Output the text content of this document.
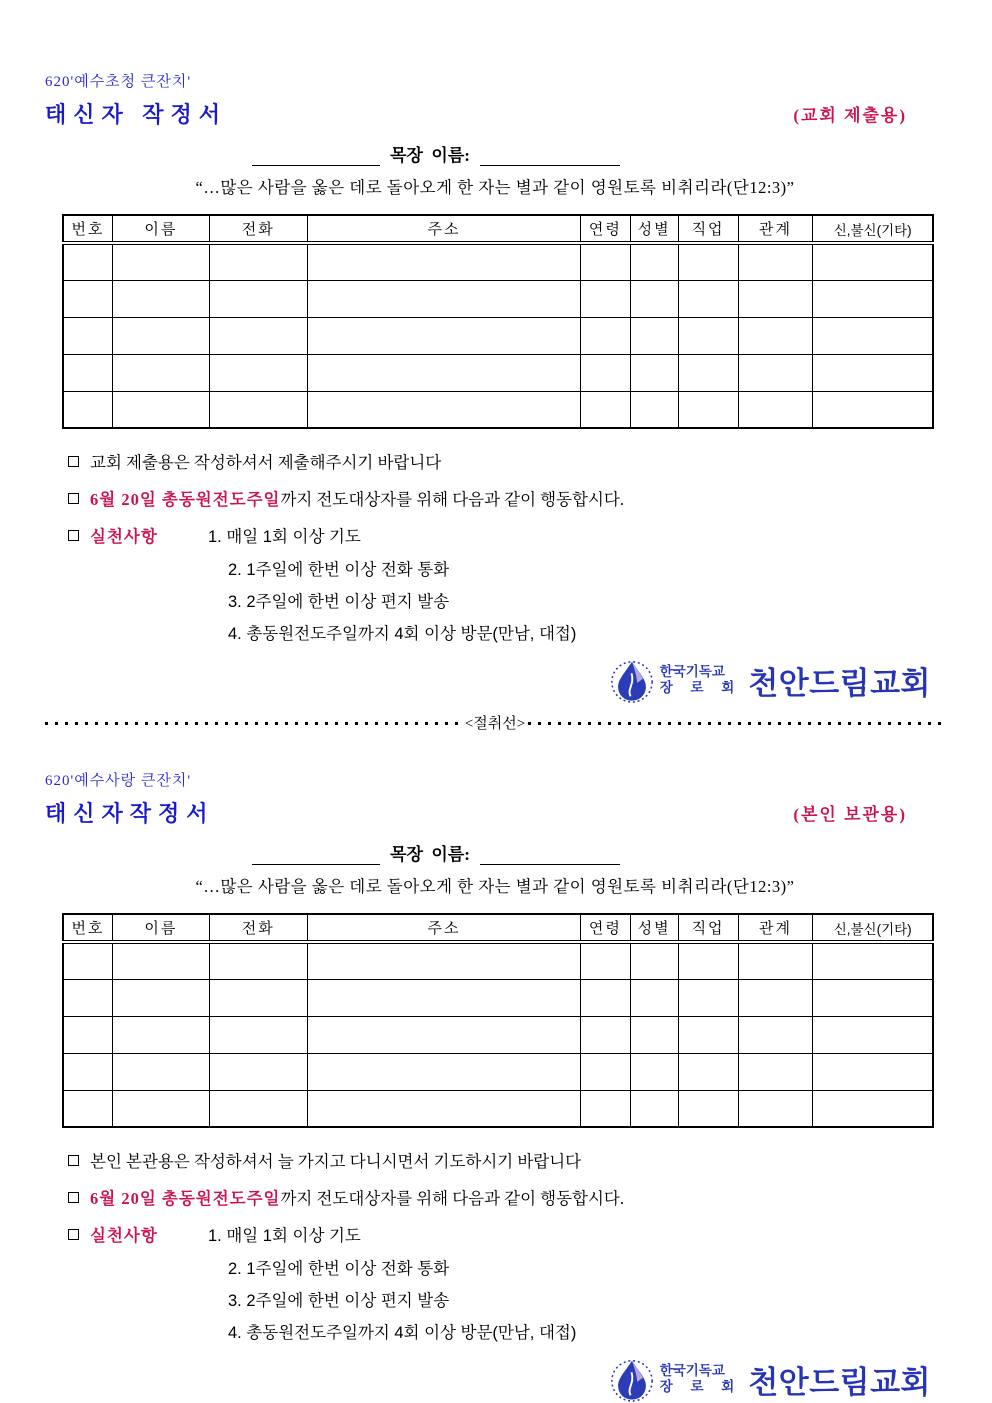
620'예수초청 큰잔치'
태신자 작정서	(교회 제출용)
목장 이름:
“…많은 사람을 옳은 데로 돌아오게 한 자는 별과 같이 영원토록 비취리라(단12:3)”
번호	이름	전화	주소	연령	성별	직업	관계	신,불신(기타)

교회 제출용은 작성하셔서 제출해주시기 바랍니다
6월 20일 총동원전도주일까지 전도대상자를 위해 다음과 같이 행동합시다.
실천사항	1. 매일 1회 이상 기도
2. 1주일에 한번 이상 전화 통화
3. 2주일에 한번 이상 편지 발송
4. 총동원전도주일까지 4회 이상 방문(만남, 대접)
한국기독교
장 로 회 천안드림교회
<절취선>
620'예수사랑 큰잔치'
태신자작정서	(본인 보관용)
목장 이름:
“…많은 사람을 옳은 데로 돌아오게 한 자는 별과 같이 영원토록 비취리라(단12:3)”
번호	이름	전화	주소	연령	성별	직업	관계	신,불신(기타)

본인 본관용은 작성하셔서 늘 가지고 다니시면서 기도하시기 바랍니다
6월 20일 총동원전도주일까지 전도대상자를 위해 다음과 같이 행동합시다.
실천사항	1. 매일 1회 이상 기도
2. 1주일에 한번 이상 전화 통화
3. 2주일에 한번 이상 편지 발송
4. 총동원전도주일까지 4회 이상 방문(만남, 대접)
한국기독교
장 로 회 천안드림교회
